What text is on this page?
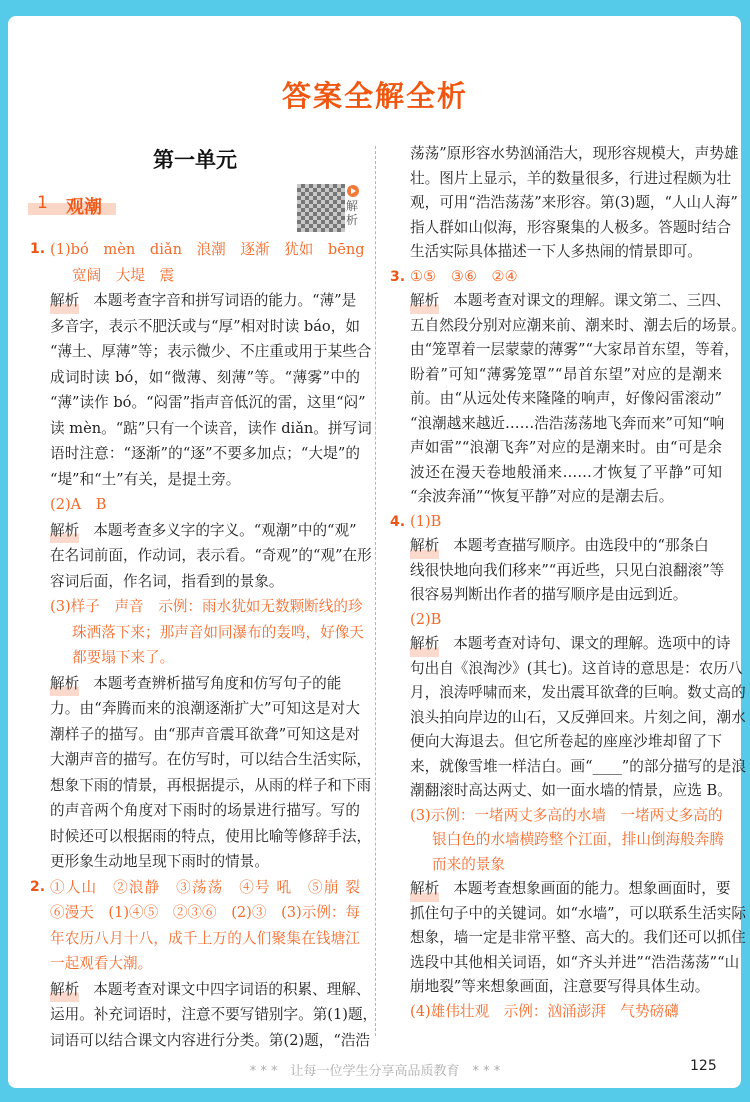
答案全解全析
第一单元
1 观潮	解析
1. (1)bó　mèn　diǎn　浪潮　逐渐　犹如　bēng
宽阔　大堤　震
解析 本题考查字音和拼写词语的能力。“薄”是
多音字，表示不肥沃或与“厚”相对时读 báo，如
“薄土、厚薄”等；表示微少、不庄重或用于某些合
成词时读 bó，如“微薄、刻薄”等。“薄雾”中的
“薄”读作 bó。“闷雷”指声音低沉的雷，这里“闷”
读 mèn。“踮”只有一个读音，读作 diǎn。拼写词
语时注意：“逐渐”的“逐”不要多加点；“大堤”的
“堤”和“土”有关，是提土旁。
(2)A　B
解析 本题考查多义字的字义。“观潮”中的“观”
在名词前面，作动词，表示看。“奇观”的“观”在形
容词后面，作名词，指看到的景象。
(3)样子　声音　示例：雨水犹如无数颗断线的珍
珠洒落下来；那声音如同瀑布的轰鸣，好像天
都要塌下来了。
解析 本题考查辨析描写角度和仿写句子的能
力。由“奔腾而来的浪潮逐渐扩大”可知这是对大
潮样子的描写。由“那声音震耳欲聋”可知这是对
大潮声音的描写。在仿写时，可以结合生活实际，
想象下雨的情景，再根据提示，从雨的样子和下雨
的声音两个角度对下雨时的场景进行描写。写的
时候还可以根据雨的特点，使用比喻等修辞手法，
更形象生动地呈现下雨时的情景。
2. ①人山　②浪静　③荡荡　④号 吼　⑤崩 裂
⑥漫天　(1)④⑤　②③⑥　(2)③　(3)示例：每
年农历八月十八，成千上万的人们聚集在钱塘江
一起观看大潮。
解析 本题考查对课文中四字词语的积累、理解、
运用。补充词语时，注意不要写错别字。第(1)题，
词语可以结合课文内容进行分类。第(2)题，“浩浩
荡荡”原形容水势汹涌浩大，现形容规模大，声势雄
壮。图片上显示，羊的数量很多，行进过程颇为壮
观，可用“浩浩荡荡”来形容。第(3)题，“人山人海”
指人群如山似海，形容聚集的人极多。答题时结合
生活实际具体描述一下人多热闹的情景即可。
3. ①⑤　③⑥　②④
解析 本题考查对课文的理解。课文第二、三四、
五自然段分别对应潮来前、潮来时、潮去后的场景。
由“笼罩着一层蒙蒙的薄雾”“大家昂首东望，等着，
盼着”可知“薄雾笼罩”“昂首东望”对应的是潮来
前。由“从远处传来隆隆的响声，好像闷雷滚动”
“浪潮越来越近……浩浩荡荡地飞奔而来”可知“响
声如雷”“浪潮飞奔”对应的是潮来时。由“可是余
波还在漫天卷地般涌来……才恢复了平静”可知
“余波奔涌”“恢复平静”对应的是潮去后。
4. (1)B
解析 本题考查描写顺序。由选段中的“那条白
线很快地向我们移来”“再近些，只见白浪翻滚”等
很容易判断出作者的描写顺序是由远到近。
(2)B
解析 本题考查对诗句、课文的理解。选项中的诗
句出自《浪淘沙》(其七)。这首诗的意思是：农历八
月，浪涛呼啸而来，发出震耳欲聋的巨响。数丈高的
浪头拍向岸边的山石，又反弹回来。片刻之间，潮水
便向大海退去。但它所卷起的座座沙堆却留了下
来，就像雪堆一样洁白。画“____”的部分描写的是浪
潮翻滚时高达两丈、如一面水墙的情景，应选 B。
(3)示例：一堵两丈多高的水墙　一堵两丈多高的
银白色的水墙横跨整个江面，排山倒海般奔腾
而来的景象
解析 本题考查想象画面的能力。想象画面时，要
抓住句子中的关键词。如“水墙”，可以联系生活实际
想象，墙一定是非常平整、高大的。我们还可以抓住
选段中其他相关词语，如“齐头并进”“浩浩荡荡”“山
崩地裂”等来想象画面，注意要写得具体生动。
(4)雄伟壮观　示例：汹涌澎湃　气势磅礴
* * *　让每一位学生分享高品质教育　* * *	125
